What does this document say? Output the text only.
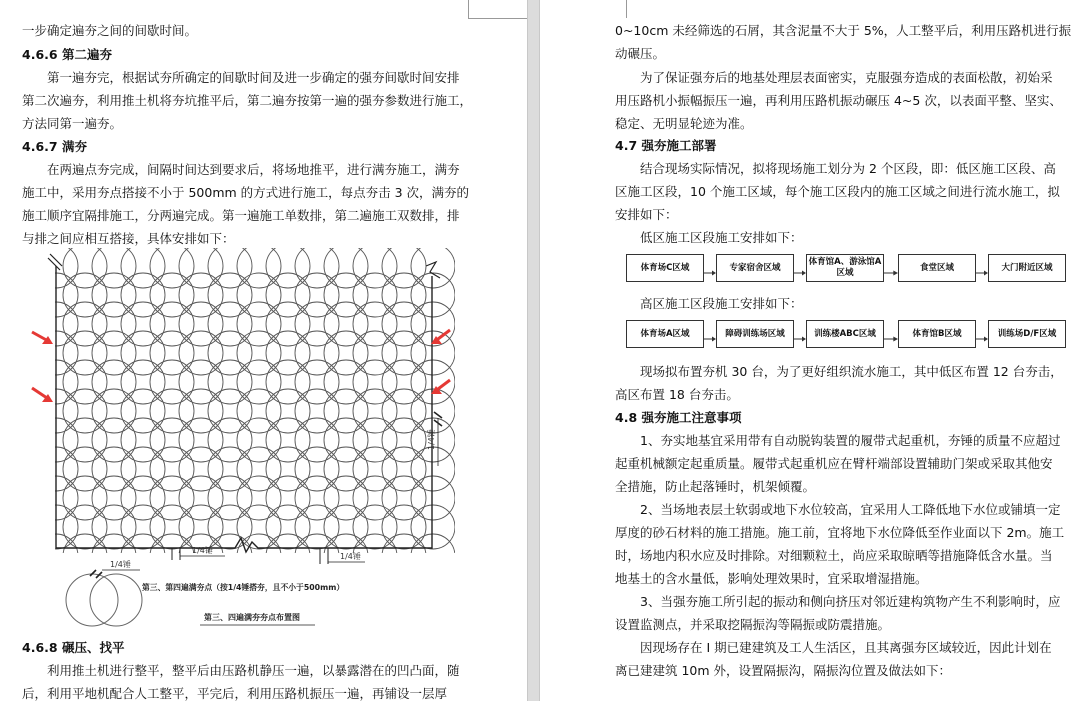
一步确定遍夯之间的间歇时间。
4.6.6 第二遍夯
第一遍夯完，根据试夯所确定的间歇时间及进一步确定的强夯间歇时间安排
第二次遍夯，利用推土机将夯坑推平后，第二遍夯按第一遍的强夯参数进行施工，
方法同第一遍夯。
4.6.7 满夯
在两遍点夯完成，间隔时间达到要求后，将场地推平，进行满夯施工，满夯
施工中，采用夯点搭接不小于 500mm 的方式进行施工，每点夯击 3 次，满夯的
施工顺序宜隔排施工，分两遍完成。第一遍施工单数排，第二遍施工双数排，排
与排之间应相互搭接，具体安排如下：
1/4锤
1/4锤
1/4锤
1/4锤
第三、第四遍满夯点（按1/4锤搭夯，且不小于500mm）
第三、四遍满夯夯点布置图
4.6.8 碾压、找平
利用推土机进行整平，整平后由压路机静压一遍，以暴露潜在的凹凸面，随
后，利用平地机配合人工整平，平完后，利用压路机振压一遍，再铺设一层厚
0~10cm 未经筛选的石屑，其含泥量不大于 5%，人工整平后，利用压路机进行振
动碾压。
为了保证强夯后的地基处理层表面密实，克服强夯造成的表面松散，初始采
用压路机小振幅振压一遍，再利用压路机振动碾压 4~5 次，以表面平整、坚实、
稳定、无明显轮迹为准。
4.7 强夯施工部署
结合现场实际情况，拟将现场施工划分为 2 个区段，即：低区施工区段、高
区施工区段，10 个施工区域，每个施工区段内的施工区域之间进行流水施工，拟
安排如下：
低区施工区段施工安排如下：
高区施工区段施工安排如下：
现场拟布置夯机 30 台，为了更好组织流水施工，其中低区布置 12 台夯击，
高区布置 18 台夯击。
4.8 强夯施工注意事项
1、夯实地基宜采用带有自动脱钩装置的履带式起重机，夯锤的质量不应超过
起重机械额定起重质量。履带式起重机应在臂杆端部设置辅助门架或采取其他安
全措施，防止起落锤时，机架倾覆。
2、当场地表层土软弱或地下水位较高，宜采用人工降低地下水位或铺填一定
厚度的砂石材料的施工措施。施工前，宜将地下水位降低至作业面以下 2m。施工
时，场地内积水应及时排除。对细颗粒土，尚应采取晾晒等措施降低含水量。当
地基土的含水量低，影响处理效果时，宜采取增湿措施。
3、当强夯施工所引起的振动和侧向挤压对邻近建构筑物产生不利影响时，应
设置监测点，并采取挖隔振沟等隔振或防震措施。
因现场存在 I 期已建建筑及工人生活区，且其离强夯区域较近，因此计划在
离已建建筑 10m 外，设置隔振沟，隔振沟位置及做法如下：
体育场C区域	专家宿舍区域
体育馆A、游泳馆A区域
食堂区域	大门附近区域
体育场A区域	障碍训练场区域	训练楼ABC区域	体育馆B区域	训练场D/F区域
